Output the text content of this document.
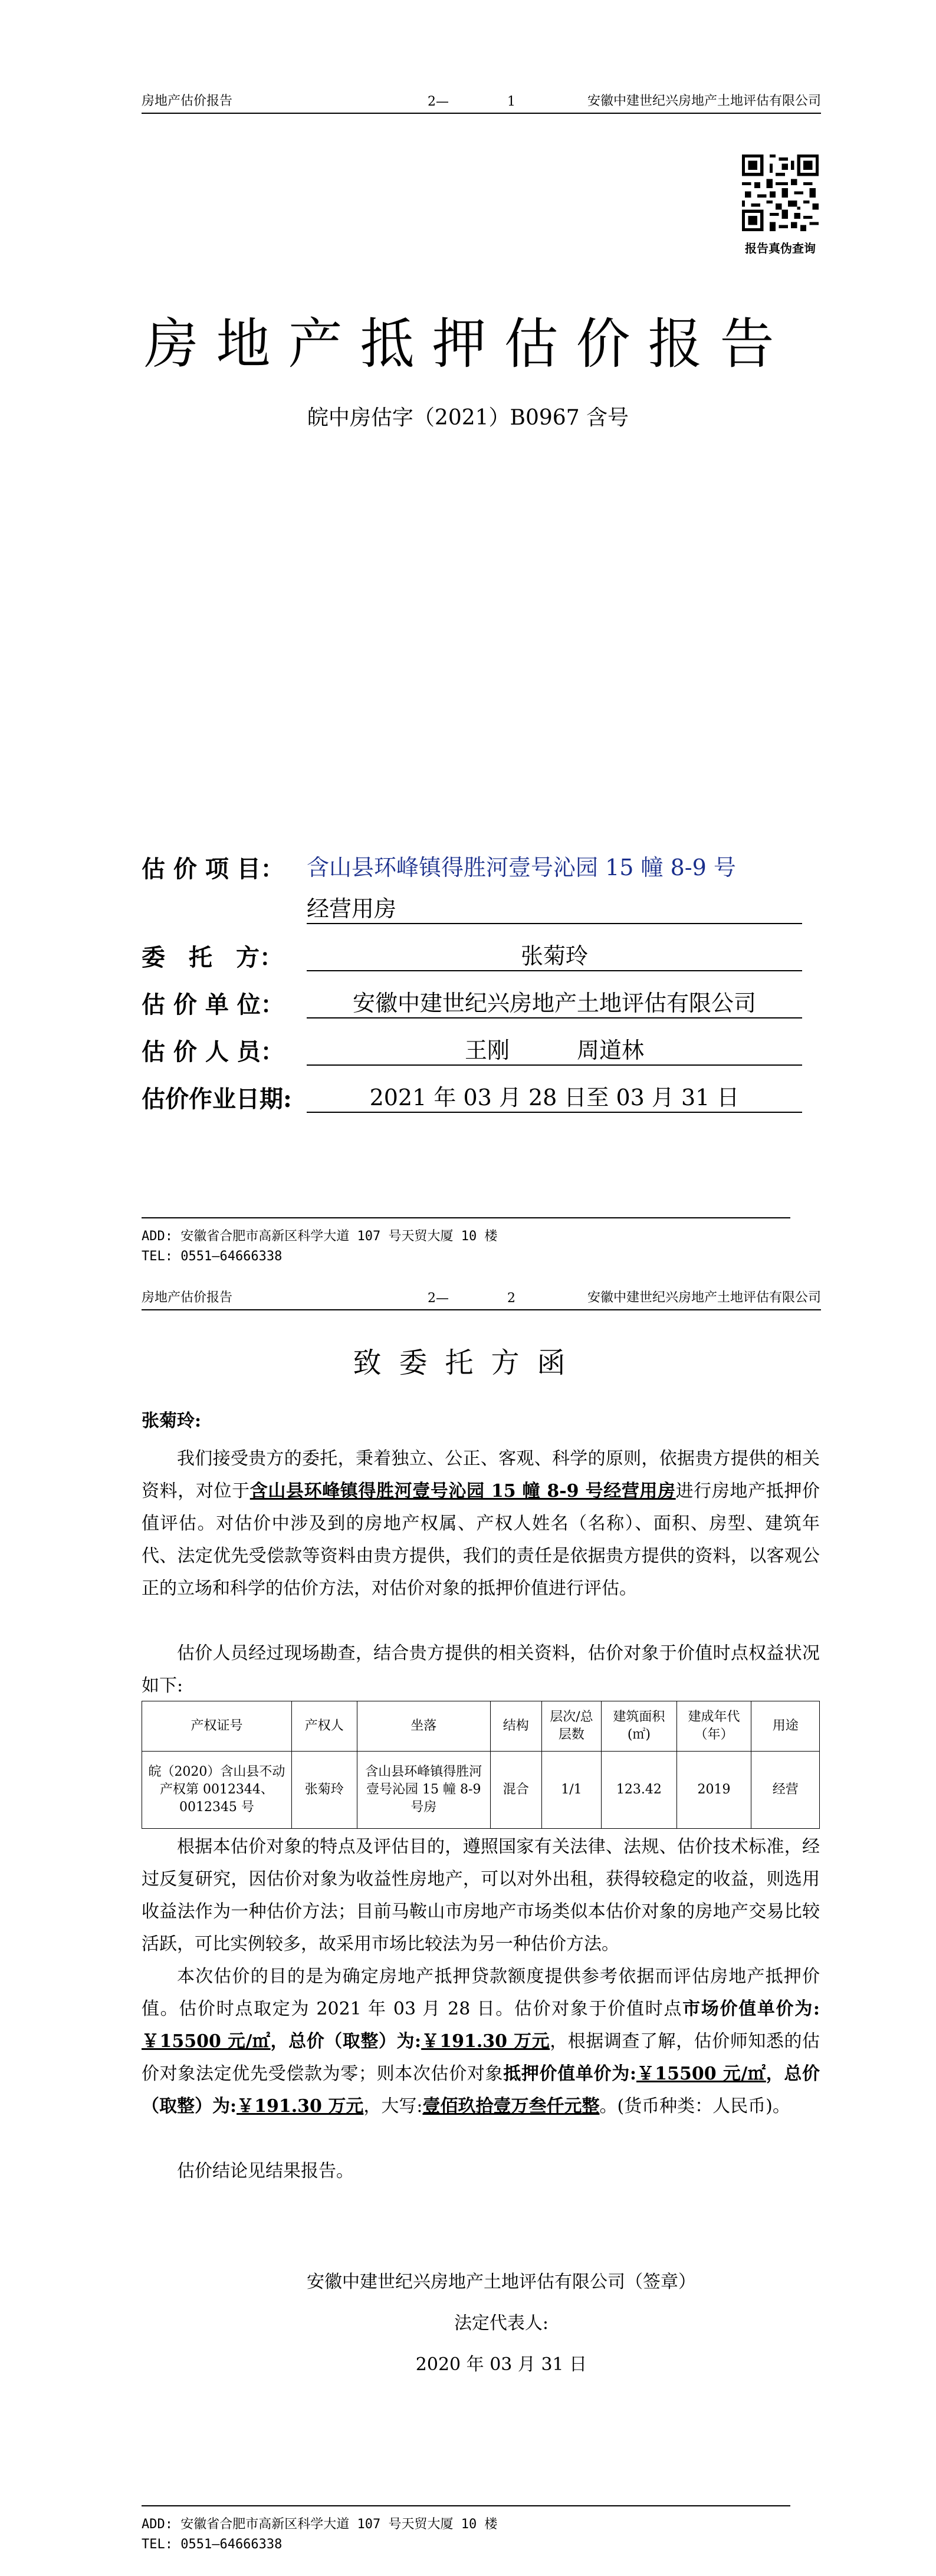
房地产估价报告	2—	1	安徽中建世纪兴房地产土地评估有限公司
报告真伪查询
房地产抵押估价报告
皖中房估字（2021）B0967 含号
估 价 项 目： 含山县环峰镇得胜河壹号沁园 15 幢 8-9 号
经营用房
委　托　方：	张菊玲
估 价 单 位：	安徽中建世纪兴房地产土地评估有限公司
估 价 人 员：	王刚　　　周道林
估价作业日期:	2021 年 03 月 28 日至 03 月 31 日
ADD: 安徽省合肥市高新区科学大道 107 号天贸大厦 10 楼
TEL: 0551—64666338
房地产估价报告	2—	2	安徽中建世纪兴房地产土地评估有限公司
致委托方函
张菊玲:
我们接受贵方的委托，秉着独立、公正、客观、科学的原则，依据贵方提供的相关资料，对位于含山县环峰镇得胜河壹号沁园 15 幢 8-9 号经营用房进行房地产抵押价值评估。对估价中涉及到的房地产权属、产权人姓名（名称）、面积、房型、建筑年代、法定优先受偿款等资料由贵方提供，我们的责任是依据贵方提供的资料，以客观公正的立场和科学的估价方法，对估价对象的抵押价值进行评估。
估价人员经过现场勘查，结合贵方提供的相关资料，估价对象于价值时点权益状况如下:
产权证号	产权人	坐落	结构	层次/总层数	建筑面积(㎡)	建成年代（年）	用途
皖（2020）含山县不动产权第 0012344、0012345 号	张菊玲	含山县环峰镇得胜河壹号沁园 15 幢 8-9 号房	混合	1/1	123.42	2019	经营
根据本估价对象的特点及评估目的，遵照国家有关法律、法规、估价技术标准，经过反复研究，因估价对象为收益性房地产，可以对外出租，获得较稳定的收益，则选用收益法作为一种估价方法；目前马鞍山市房地产市场类似本估价对象的房地产交易比较活跃，可比实例较多，故采用市场比较法为另一种估价方法。
本次估价的目的是为确定房地产抵押贷款额度提供参考依据而评估房地产抵押价值。估价时点取定为 2021 年 03 月 28 日。估价对象于价值时点市场价值单价为:￥15500 元/㎡，总价（取整）为:￥191.30 万元，根据调查了解，估价师知悉的估价对象法定优先受偿款为零；则本次估价对象抵押价值单价为:￥15500 元/㎡，总价（取整）为:￥191.30 万元，大写:壹佰玖拾壹万叁仟元整。(货币种类：人民币)。
估价结论见结果报告。
安徽中建世纪兴房地产土地评估有限公司（签章）
法定代表人:
2020 年 03 月 31 日
ADD: 安徽省合肥市高新区科学大道 107 号天贸大厦 10 楼
TEL: 0551—64666338
